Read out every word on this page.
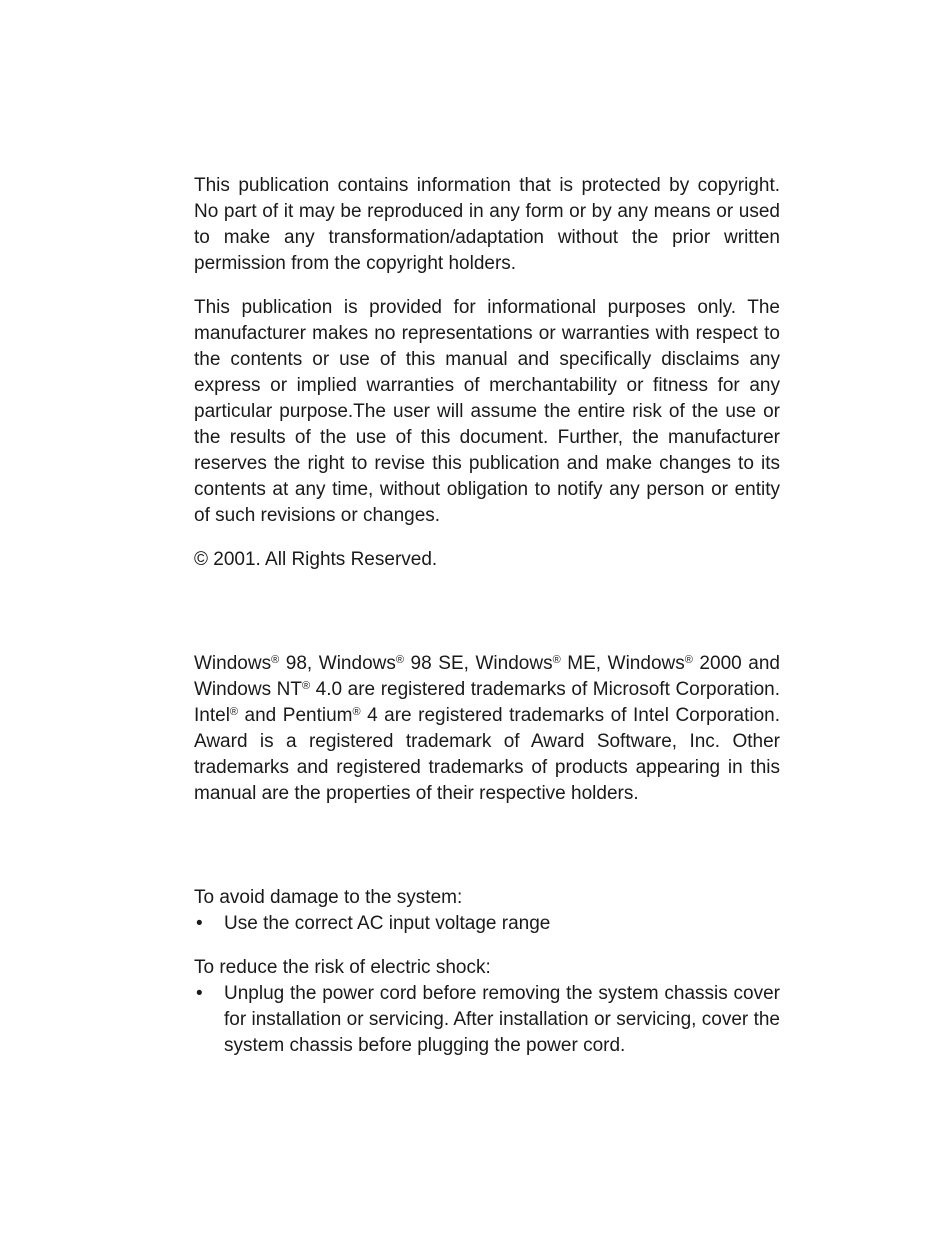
This publication contains information that is protected by copyright. No part of it may be reproduced in any form or by any means or used to make any transformation/adaptation without the prior written permission from the copyright holders.

This publication is provided for informational purposes only. The manufacturer makes no representations or warranties with respect to the contents or use of this manual and specifically disclaims any express or implied warranties of merchantability or fitness for any particular purpose.The user will assume the entire risk of the use or the results of the use of this document. Further, the manufacturer reserves the right to revise this publication and make changes to its contents at any time, without obligation to notify any person or entity of such revisions or changes.

© 2001. All Rights Reserved.

Windows® 98, Windows® 98 SE, Windows® ME, Windows® 2000 and Windows NT® 4.0 are registered trademarks of Microsoft Corporation. Intel® and Pentium® 4 are registered trademarks of Intel Corporation. Award is a registered trademark of Award Software, Inc. Other trademarks and registered trademarks of products appearing in this manual are the properties of their respective holders.

To avoid damage to the system:

• Use the correct AC input voltage range

To reduce the risk of electric shock:

• Unplug the power cord before removing the system chassis cover for installation or servicing. After installation or servicing, cover the system chassis before plugging the power cord.
